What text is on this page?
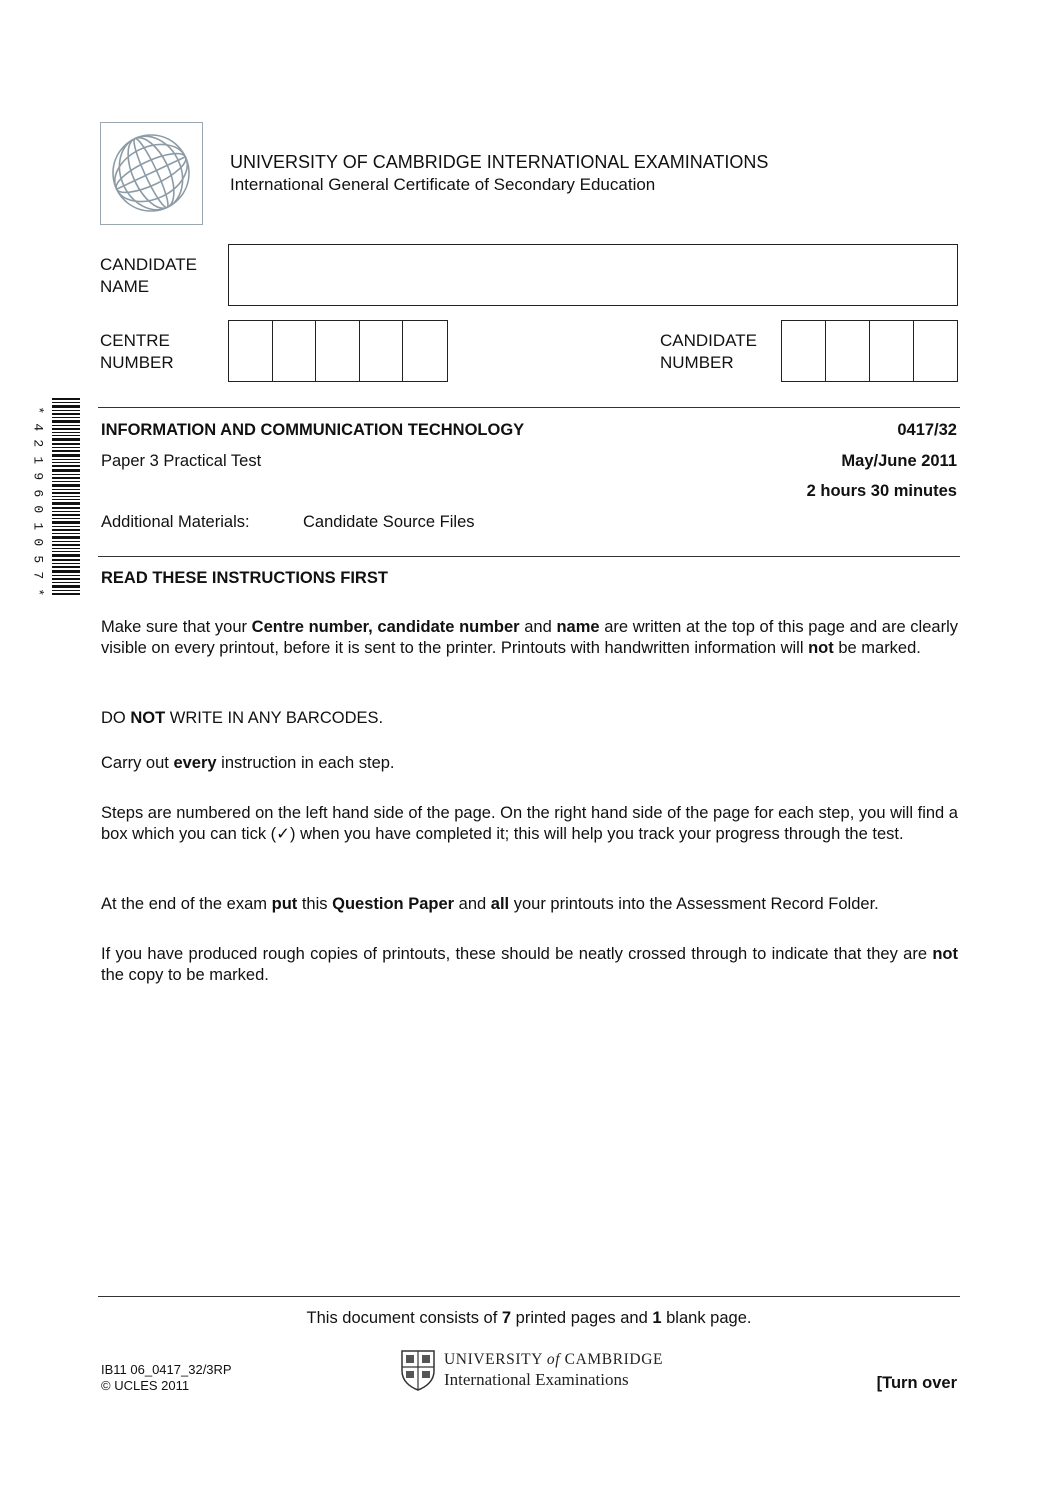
UNIVERSITY OF CAMBRIDGE INTERNATIONAL EXAMINATIONS
International General Certificate of Secondary Education
CANDIDATE
NAME
CENTRE
NUMBER
CANDIDATE
NUMBER
*
4
2
1
9
6
0
1
0
5
7
*
INFORMATION AND COMMUNICATION TECHNOLOGY	0417/32
Paper 3 Practical Test	May/June 2011
2 hours 30 minutes
Additional Materials:	Candidate Source Files
READ THESE INSTRUCTIONS FIRST
Make sure that your Centre number, candidate number and name are written at the top of this page and are clearly visible on every printout, before it is sent to the printer. Printouts with handwritten information will not be marked.
DO NOT WRITE IN ANY BARCODES.
Carry out every instruction in each step.
Steps are numbered on the left hand side of the page. On the right hand side of the page for each step, you will find a box which you can tick (✓) when you have completed it; this will help you track your progress through the test.
At the end of the exam put this Question Paper and all your printouts into the Assessment Record Folder.
If you have produced rough copies of printouts, these should be neatly crossed through to indicate that they are not the copy to be marked.
This document consists of 7 printed pages and 1 blank page.
IB11 06_0417_32/3RP
© UCLES 2011
UNIVERSITY of CAMBRIDGE
International Examinations	[Turn over
